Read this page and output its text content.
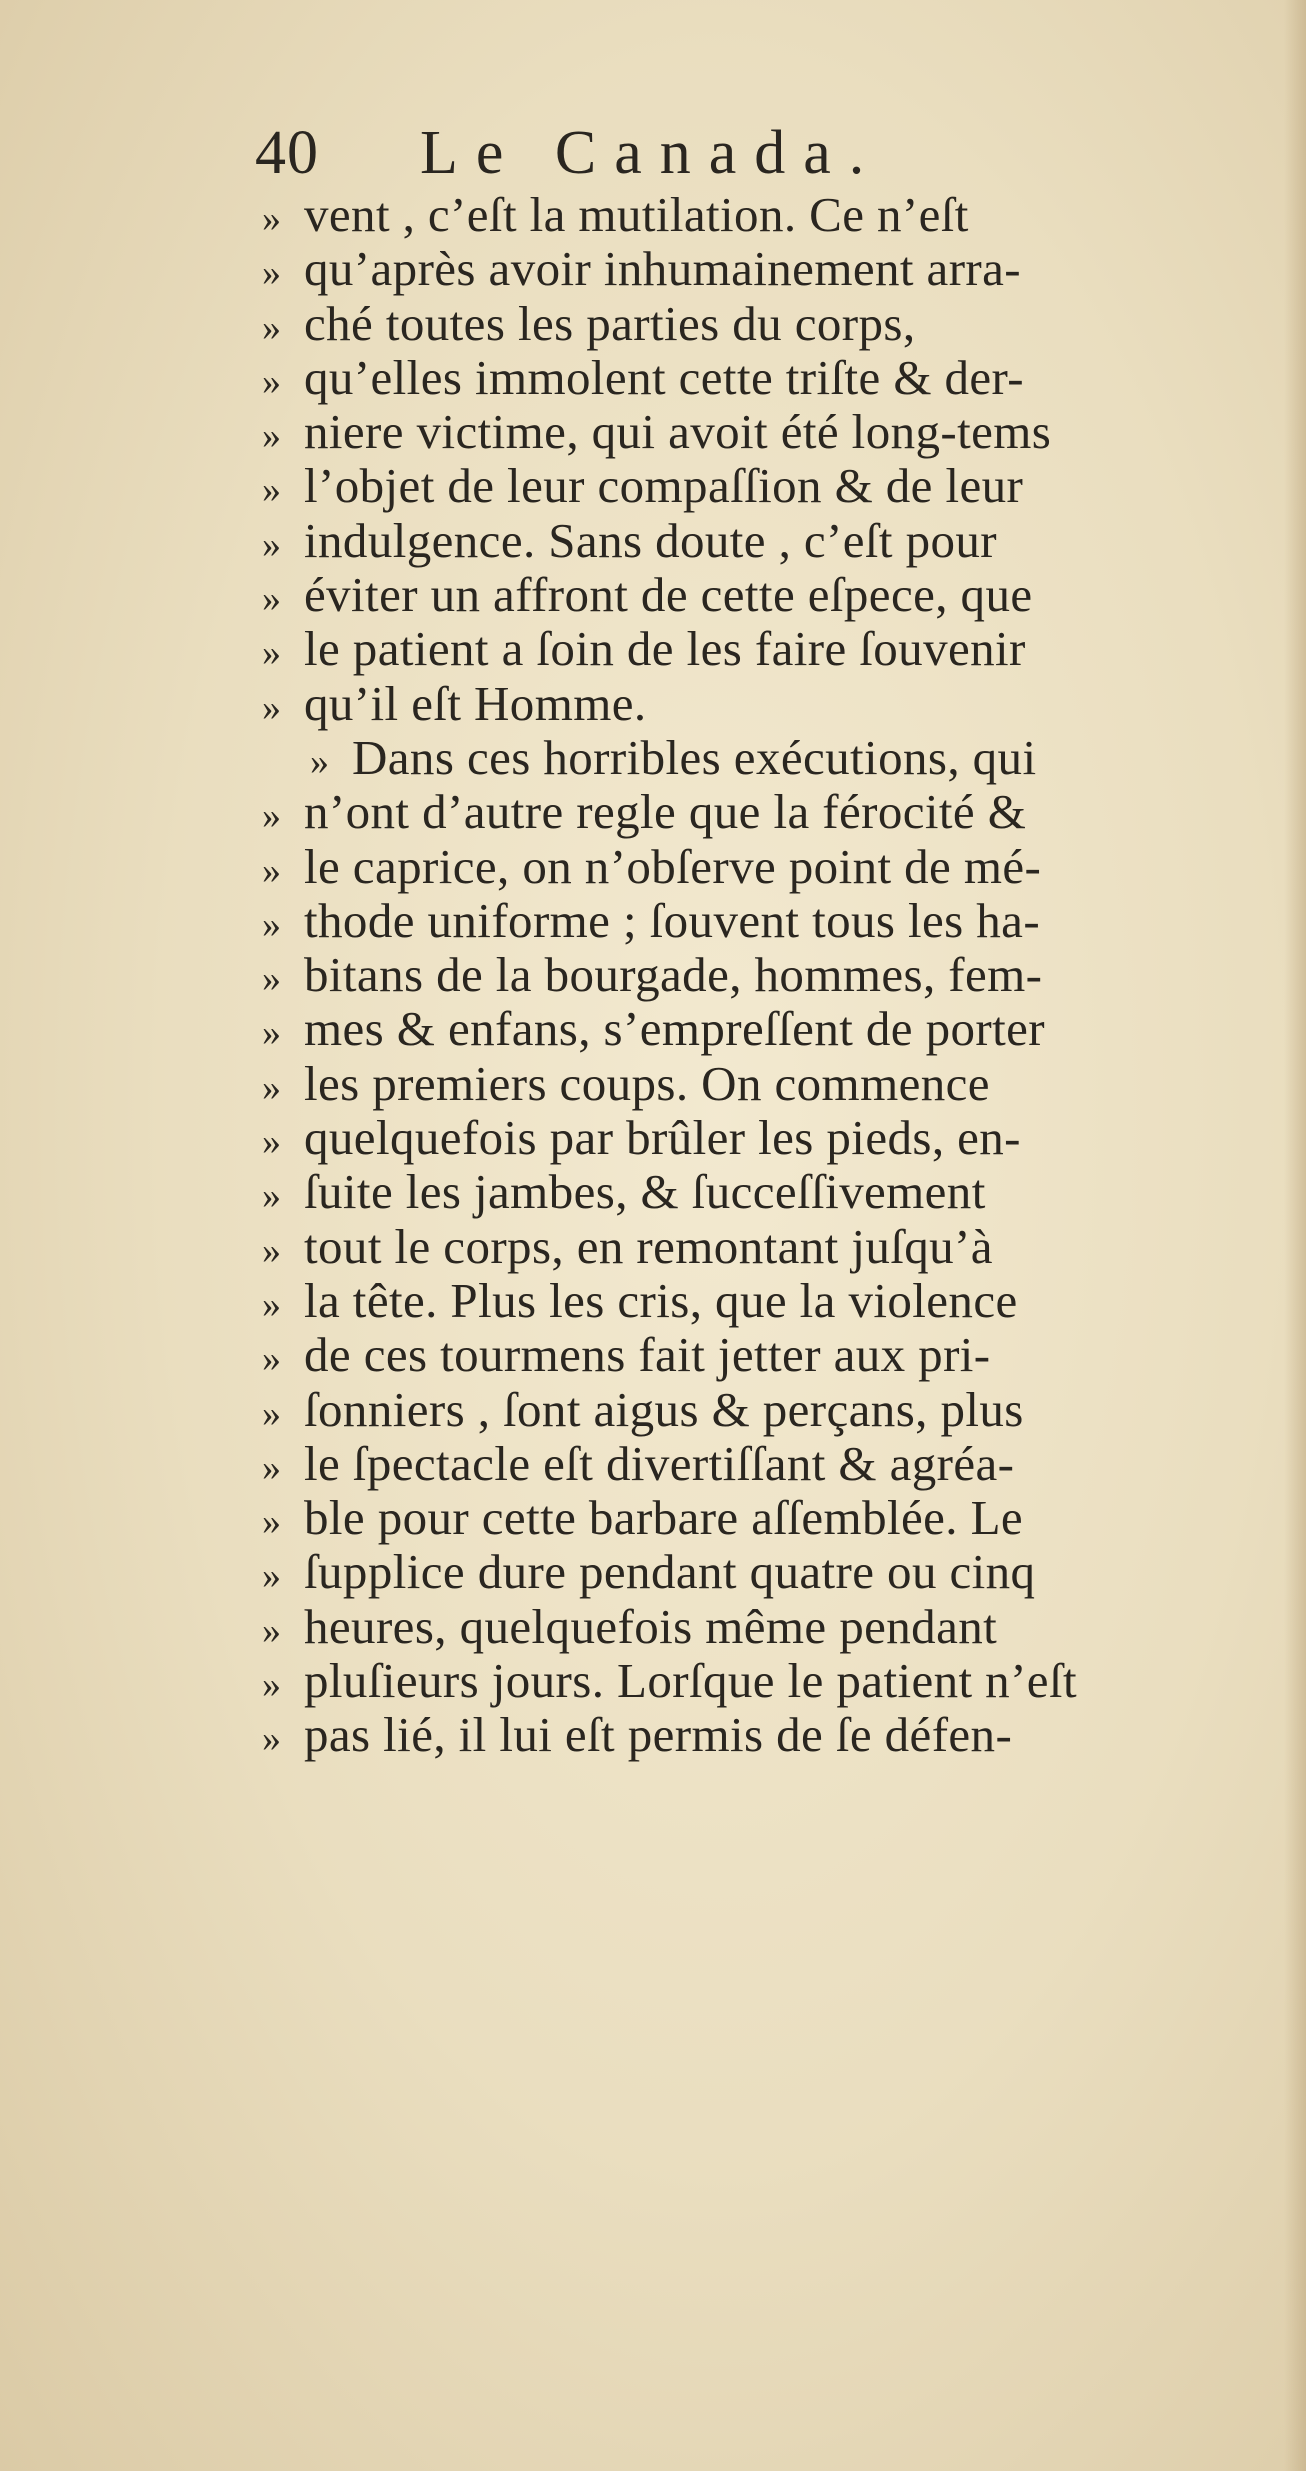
40 Le Canada.
» vent , c’eſt la mutilation. Ce n’eſt
» qu’après avoir inhumainement arra-
» ché toutes les parties du corps,
» qu’elles immolent cette triſte & der-
» niere victime, qui avoit été long-tems
» l’objet de leur compaſſion & de leur
» indulgence. Sans doute , c’eſt pour
» éviter un affront de cette eſpece, que
» le patient a ſoin de les faire ſouvenir
» qu’il eſt Homme.
» Dans ces horribles exécutions, qui
» n’ont d’autre regle que la férocité &
» le caprice, on n’obſerve point de mé-
» thode uniforme ; ſouvent tous les ha-
» bitans de la bourgade, hommes, fem-
» mes & enfans, s’empreſſent de porter
» les premiers coups. On commence
» quelquefois par brûler les pieds, en-
» ſuite les jambes, & ſucceſſivement
» tout le corps, en remontant juſqu’à
» la tête. Plus les cris, que la violence
» de ces tourmens fait jetter aux pri-
» ſonniers , ſont aigus & perçans, plus
» le ſpectacle eſt divertiſſant & agréa-
» ble pour cette barbare aſſemblée. Le
» ſupplice dure pendant quatre ou cinq
» heures, quelquefois même pendant
» pluſieurs jours. Lorſque le patient n’eſt
» pas lié, il lui eſt permis de ſe défen-
